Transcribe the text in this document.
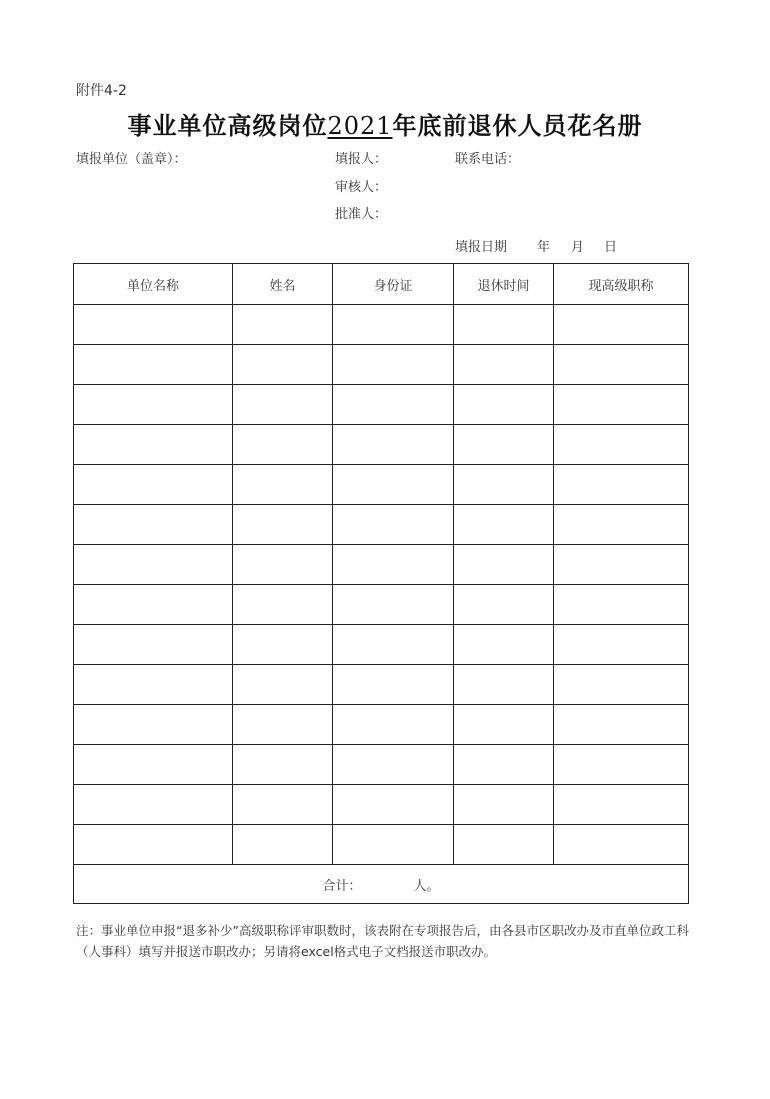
附件4-2
事业单位高级岗位2021年底前退休人员花名册
填报单位（盖章）：	填报人：	联系电话：
审核人：
批准人：
填报日期 年 月 日
单位名称	姓名	身份证	退休时间	现高级职称

合计： 人。				
注：事业单位申报“退多补少”高级职称评审职数时，该表附在专项报告后，由各县市区职改办及市直单位政工科（人事科）填写并报送市职改办；另请将excel格式电子文档报送市职改办。
